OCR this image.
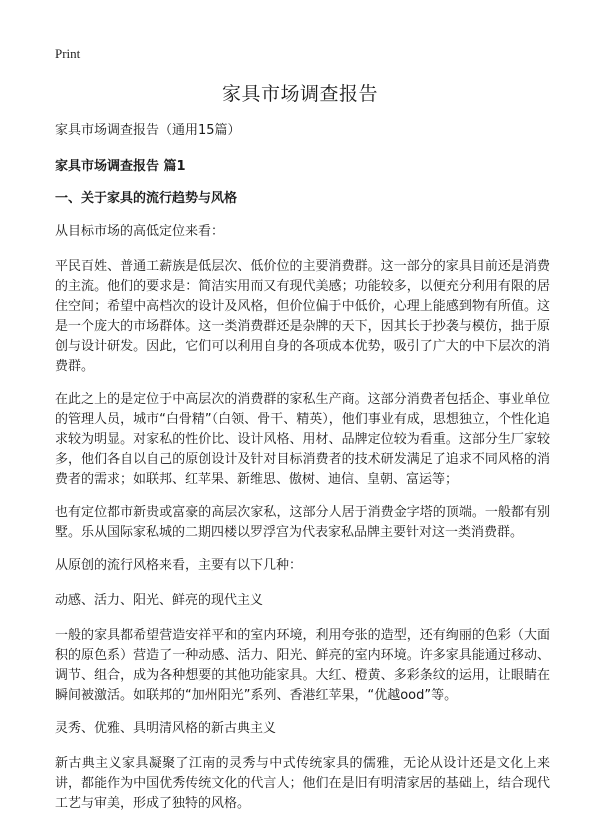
Print
家具市场调查报告

家具市场调查报告（通用15篇）

家具市场调查报告 篇1

一、关于家具的流行趋势与风格

从目标市场的高低定位来看：

平民百姓、普通工薪族是低层次、低价位的主要消费群。这一部分的家具目前还是消费的主流。他们的要求是：简洁实用而又有现代美感；功能较多，以便充分利用有限的居住空间；希望中高档次的设计及风格，但价位偏于中低价，心理上能感到物有所值。这是一个庞大的市场群体。这一类消费群还是杂牌的天下，因其长于抄袭与模仿，拙于原创与设计研发。因此，它们可以利用自身的各项成本优势，吸引了广大的中下层次的消费群。

在此之上的是定位于中高层次的消费群的家私生产商。这部分消费者包括企、事业单位的管理人员，城市“白骨精”（白领、骨干、精英），他们事业有成，思想独立，个性化追求较为明显。对家私的性价比、设计风格、用材、品牌定位较为看重。这部分生厂家较多，他们各自以自己的原创设计及针对目标消费者的技术研发满足了追求不同风格的消费者的需求；如联邦、红苹果、新维思、傲树、迪信、皇朝、富运等；

也有定位都市新贵或富豪的高层次家私，这部分人居于消费金字塔的顶端。一般都有别墅。乐从国际家私城的二期四楼以罗浮宫为代表家私品牌主要针对这一类消费群。

从原创的流行风格来看，主要有以下几种：

动感、活力、阳光、鲜亮的现代主义

一般的家具都希望营造安祥平和的室内环境，利用夸张的造型，还有绚丽的色彩（大面积的原色系）营造了一种动感、活力、阳光、鲜亮的室内环境。许多家具能通过移动、调节、组合，成为各种想要的其他功能家具。大红、橙黄、多彩条纹的运用，让眼睛在瞬间被激活。如联邦的“加州阳光”系列、香港红苹果，“优越ood”等。

灵秀、优雅、具明清风格的新古典主义

新古典主义家具凝聚了江南的灵秀与中式传统家具的儒雅，无论从设计还是文化上来讲，都能作为中国优秀传统文化的代言人；他们在是旧有明清家居的基础上，结合现代工艺与审美，形成了独特的风格。
